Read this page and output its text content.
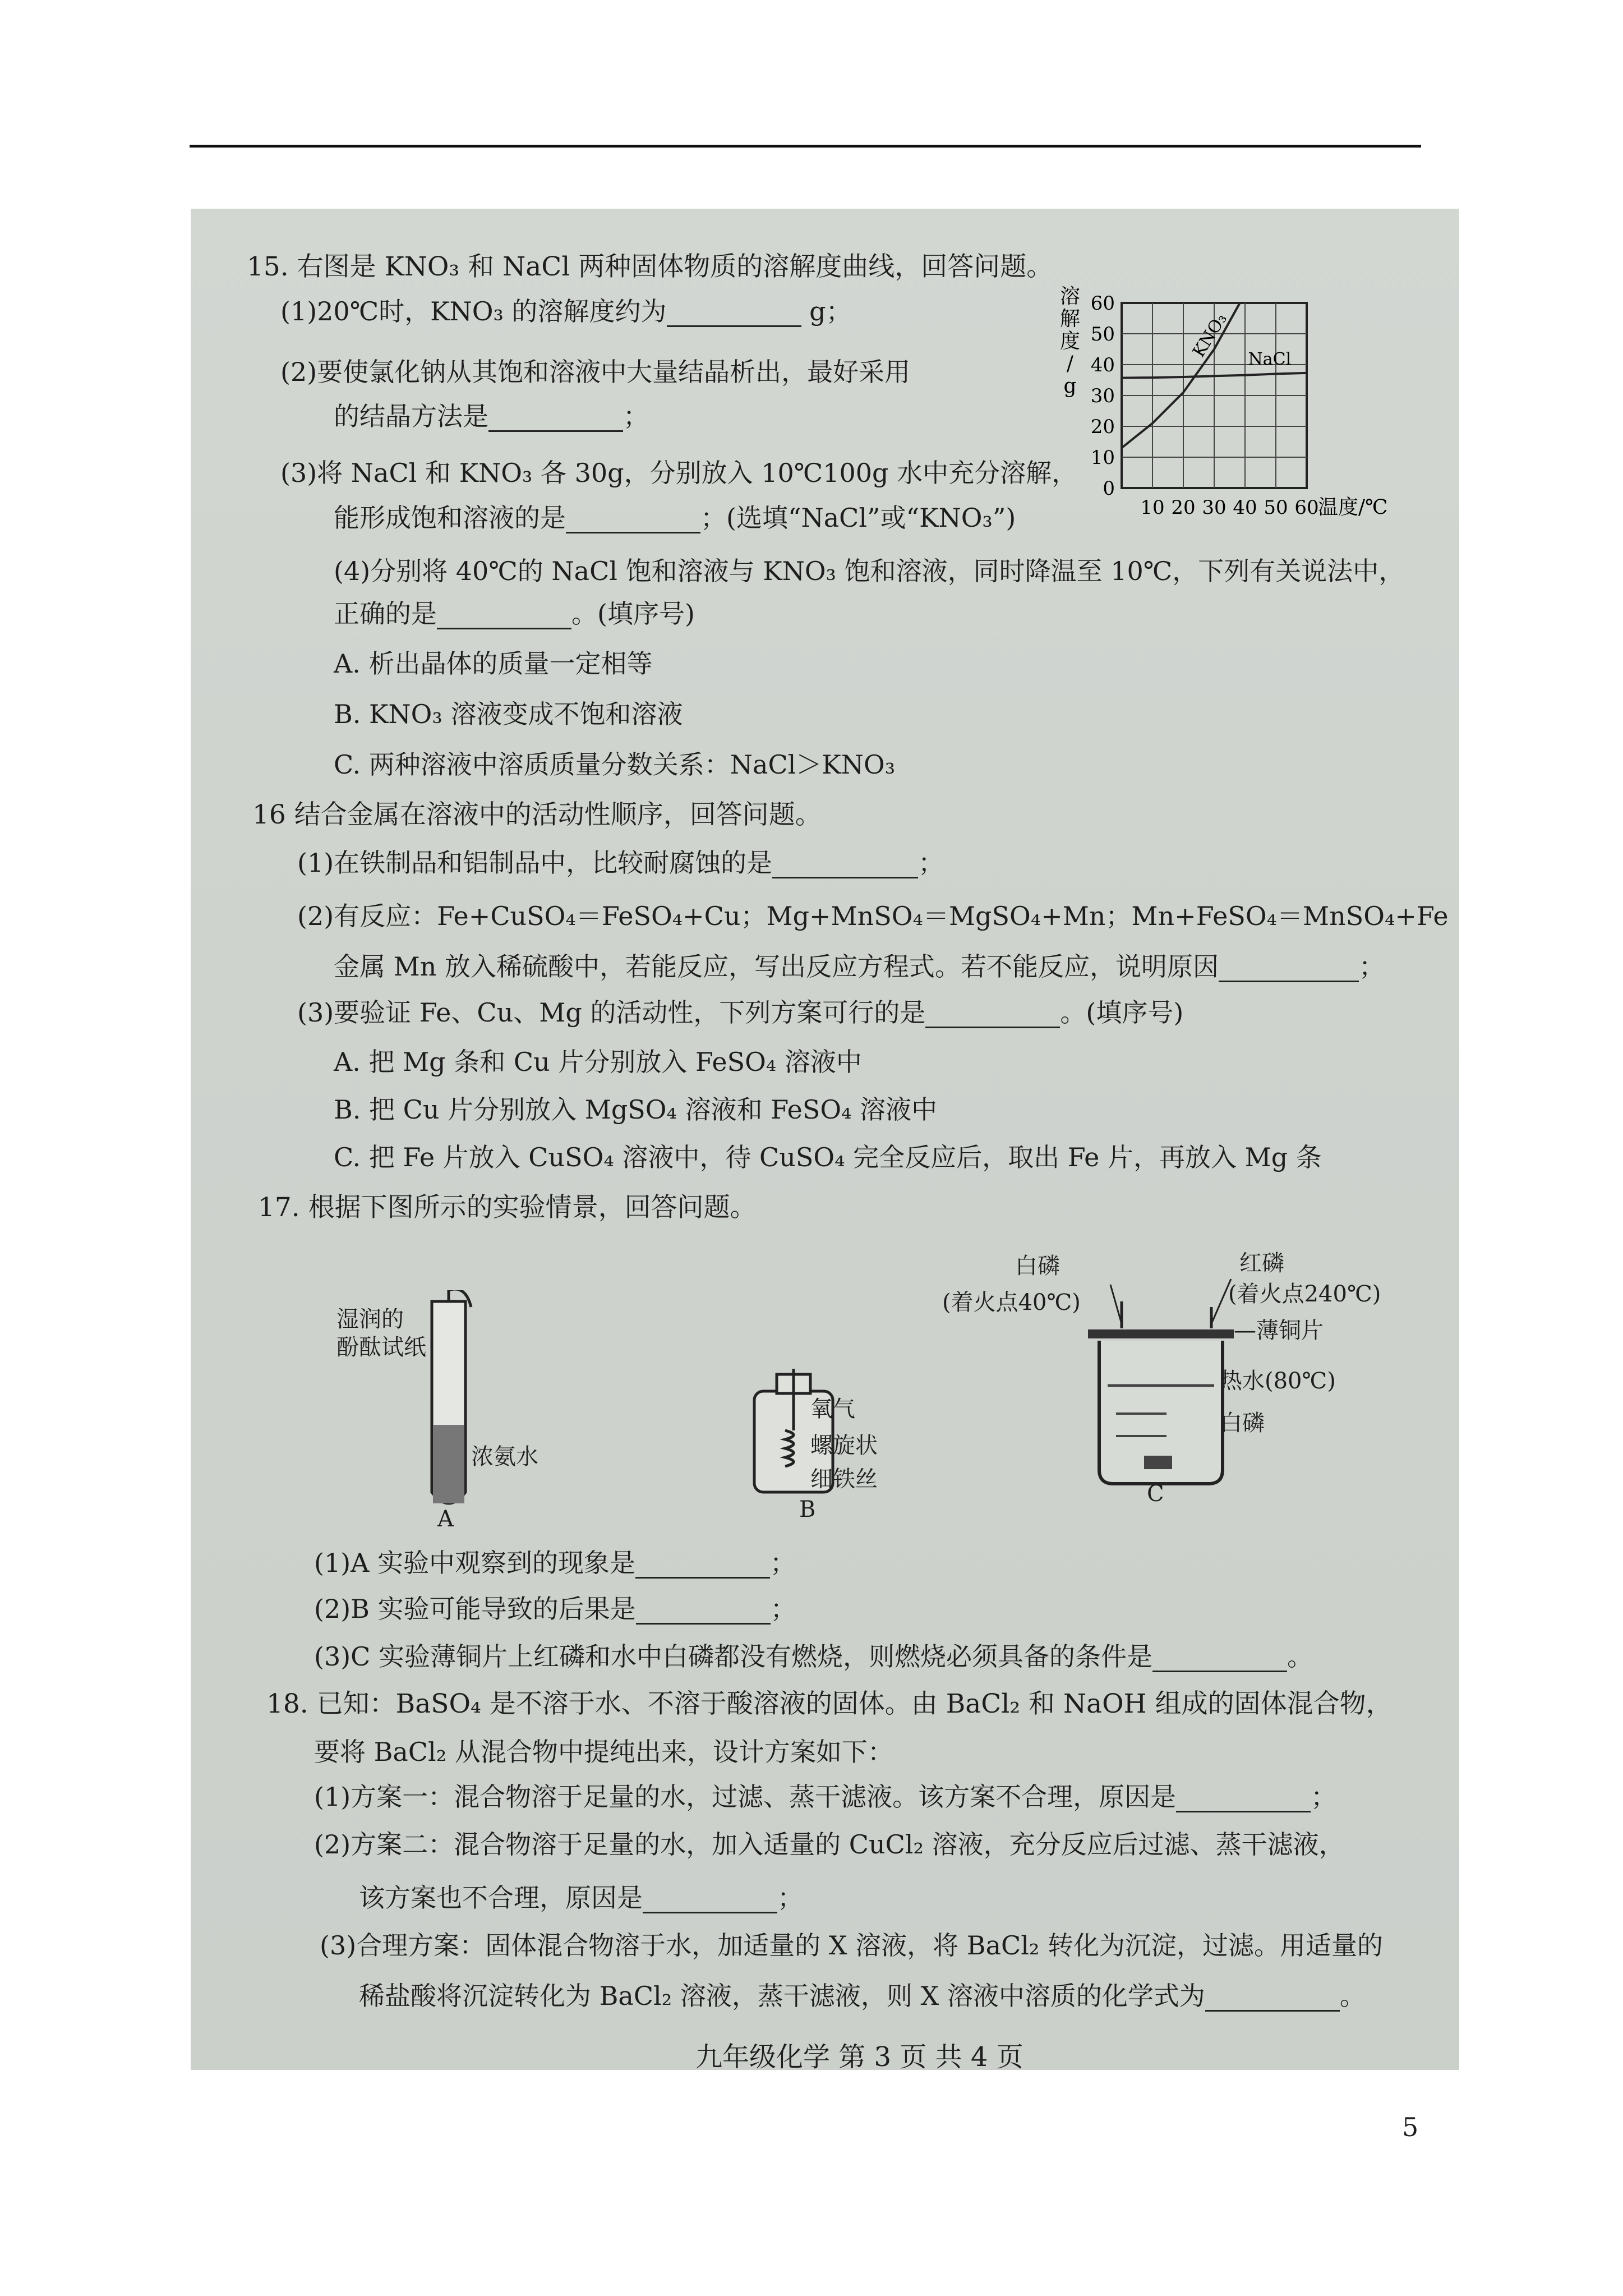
15. 右图是 KNO₃ 和 NaCl 两种固体物质的溶解度曲线，回答问题。
(1)20℃时，KNO₃ 的溶解度约为	g；
(2)要使氯化钠从其饱和溶液中大量结晶析出，最好采用
的结晶方法是	；
(3)将 NaCl 和 KNO₃ 各 30g，分别放入 10℃100g 水中充分溶解，
能形成饱和溶液的是	；(选填“NaCl”或“KNO₃”)
(4)分别将 40℃的 NaCl 饱和溶液与 KNO₃ 饱和溶液，同时降温至 10℃，下列有关说法中，
正确的是	。(填序号)
A. 析出晶体的质量一定相等
B. KNO₃ 溶液变成不饱和溶液
C. 两种溶液中溶质质量分数关系：NaCl＞KNO₃
溶
解
度
/
g
0
10
20
30
40
50
60
10 20 30 40 50 60
KNO₃ NaCl
温度/℃
16 结合金属在溶液中的活动性顺序，回答问题。
(1)在铁制品和铝制品中，比较耐腐蚀的是	；
(2)有反应：Fe+CuSO₄＝FeSO₄+Cu；Mg+MnSO₄＝MgSO₄+Mn；Mn+FeSO₄＝MnSO₄+Fe
金属 Mn 放入稀硫酸中，若能反应，写出反应方程式。若不能反应，说明原因	；
(3)要验证 Fe、Cu、Mg 的活动性，下列方案可行的是	。(填序号)
A. 把 Mg 条和 Cu 片分别放入 FeSO₄ 溶液中
B. 把 Cu 片分别放入 MgSO₄ 溶液和 FeSO₄ 溶液中
C. 把 Fe 片放入 CuSO₄ 溶液中，待 CuSO₄ 完全反应后，取出 Fe 片，再放入 Mg 条
17. 根据下图所示的实验情景，回答问题。
湿润的
酚酞试纸
浓氨水
A
氧气
螺旋状
细铁丝
B
白磷
(着火点40℃)
红磷
(着火点240℃)
—薄铜片
热水(80℃)
白磷
C
(1)A 实验中观察到的现象是	；
(2)B 实验可能导致的后果是	；
(3)C 实验薄铜片上红磷和水中白磷都没有燃烧，则燃烧必须具备的条件是	。
18. 已知：BaSO₄ 是不溶于水、不溶于酸溶液的固体。由 BaCl₂ 和 NaOH 组成的固体混合物，
要将 BaCl₂ 从混合物中提纯出来，设计方案如下：
(1)方案一：混合物溶于足量的水，过滤、蒸干滤液。该方案不合理，原因是	；
(2)方案二：混合物溶于足量的水，加入适量的 CuCl₂ 溶液，充分反应后过滤、蒸干滤液，
该方案也不合理，原因是	；
(3)合理方案：固体混合物溶于水，加适量的 X 溶液，将 BaCl₂ 转化为沉淀，过滤。用适量的
稀盐酸将沉淀转化为 BaCl₂ 溶液，蒸干滤液，则 X 溶液中溶质的化学式为	。
九年级化学 第 3 页 共 4 页
5
